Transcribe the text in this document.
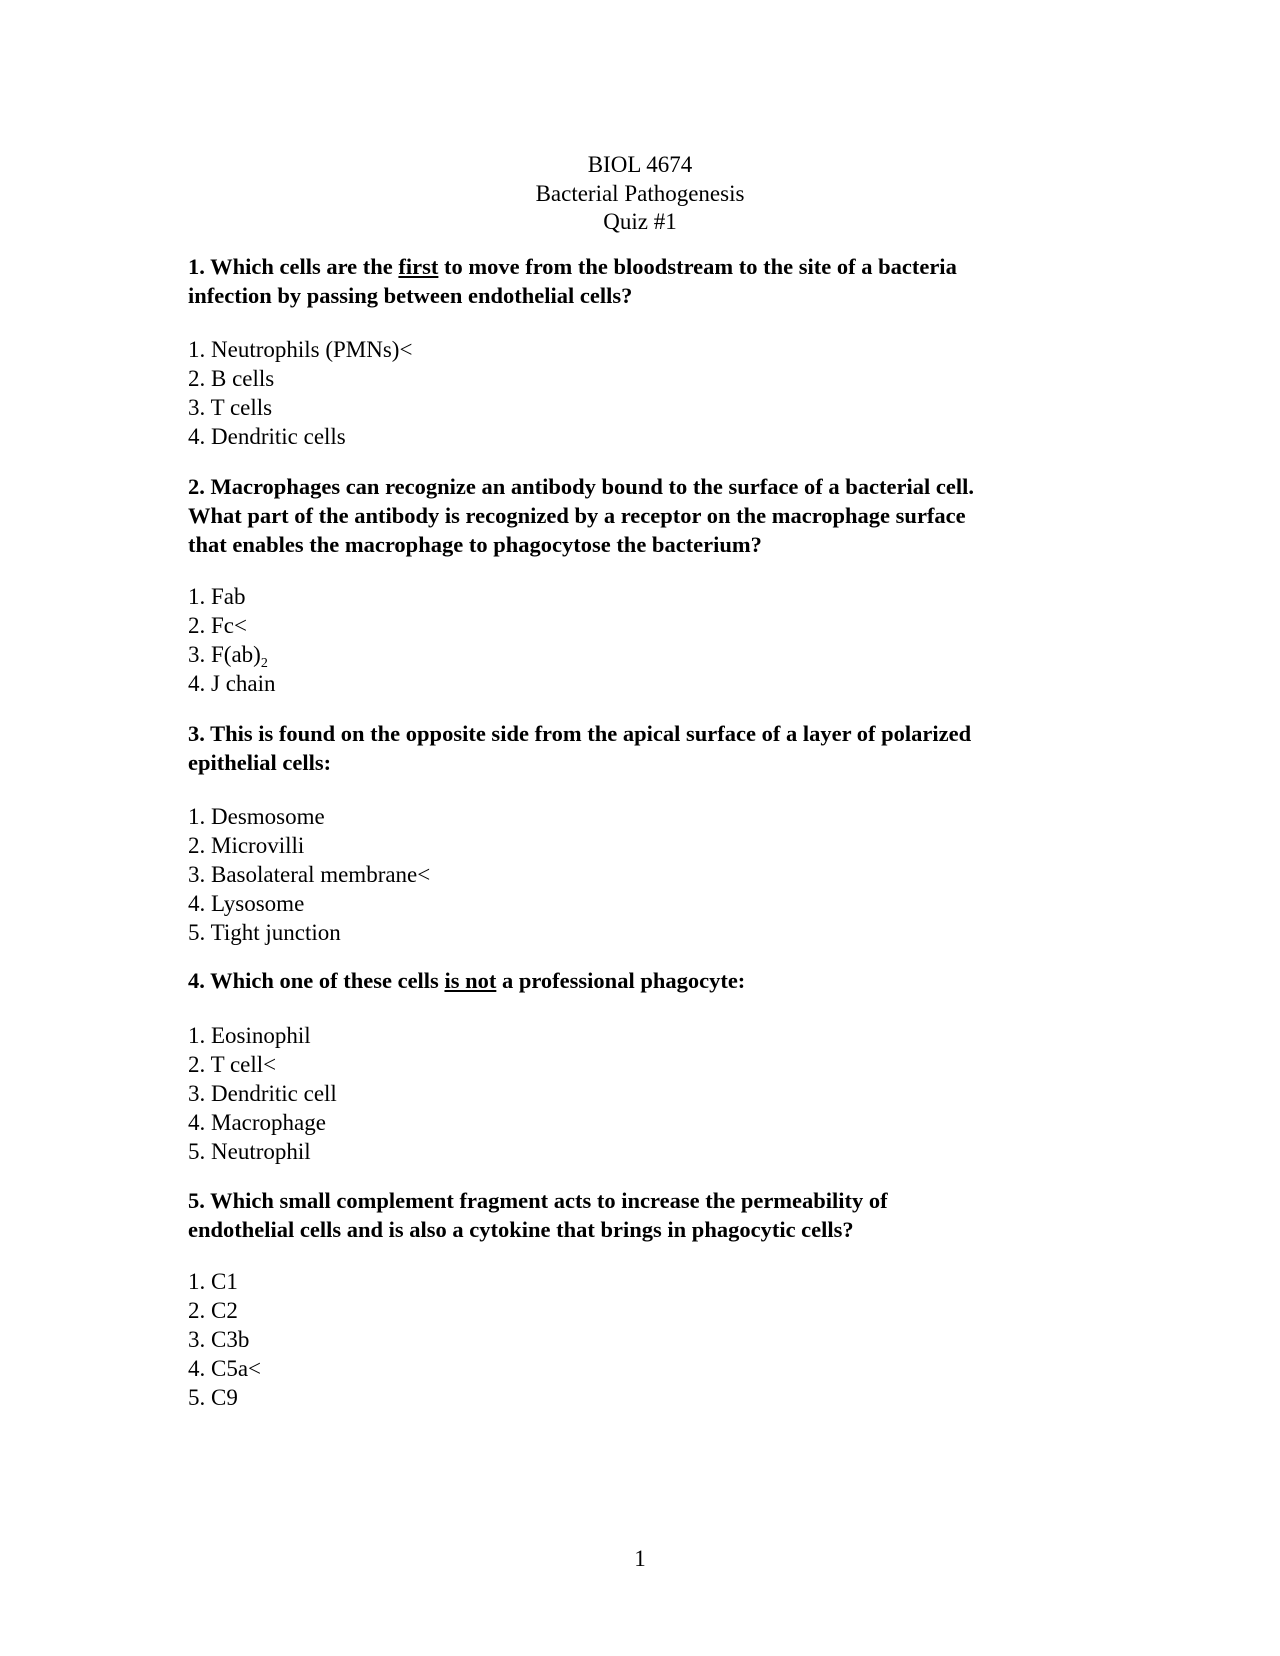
BIOL 4674
Bacterial Pathogenesis
Quiz #1
1. Which cells are the first to move from the bloodstream to the site of a bacteria
infection by passing between endothelial cells?
1. Neutrophils (PMNs)<
2. B cells
3. T cells
4. Dendritic cells
2. Macrophages can recognize an antibody bound to the surface of a bacterial cell.
What part of the antibody is recognized by a receptor on the macrophage surface
that enables the macrophage to phagocytose the bacterium?
1. Fab
2. Fc<
3. $F(ab)_2$
4. J chain
3. This is found on the opposite side from the apical surface of a layer of polarized
epithelial cells:
1. Desmosome
2. Microvilli
3. Basolateral membrane<
4. Lysosome
5. Tight junction
4. Which one of these cells is not a professional phagocyte:
1. Eosinophil
2. T cell<
3. Dendritic cell
4. Macrophage
5. Neutrophil
5. Which small complement fragment acts to increase the permeability of
endothelial cells and is also a cytokine that brings in phagocytic cells?
1. C1
2. C2
3. C3b
4. C5a<
5. C9
1
